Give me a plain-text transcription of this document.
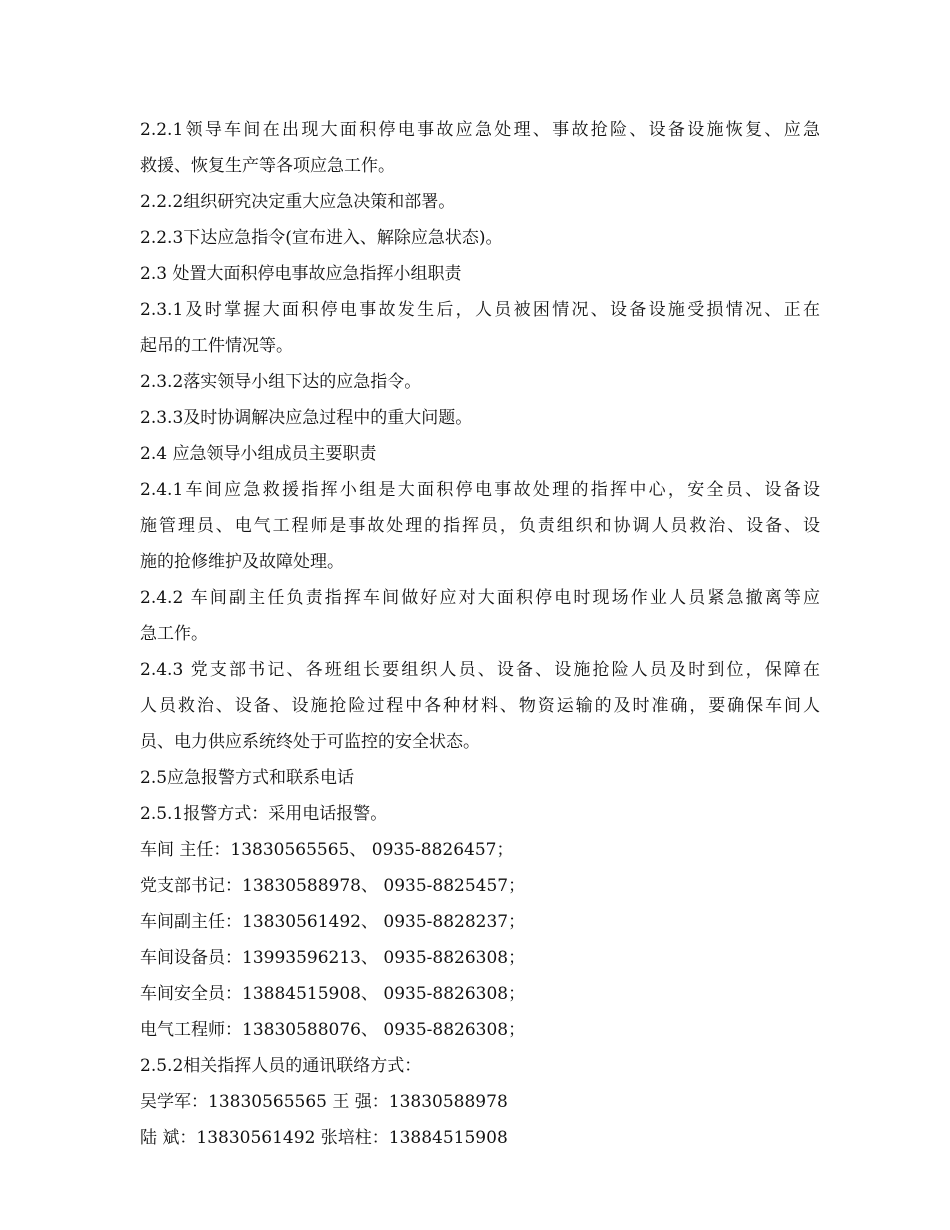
2.2.1领导车间在出现大面积停电事故应急处理、事故抢险、设备设施恢复、应急
救援、恢复生产等各项应急工作。
2.2.2组织研究决定重大应急决策和部署。
2.2.3下达应急指令(宣布进入、解除应急状态)。
2.3 处置大面积停电事故应急指挥小组职责
2.3.1及时掌握大面积停电事故发生后，人员被困情况、设备设施受损情况、正在
起吊的工件情况等。
2.3.2落实领导小组下达的应急指令。
2.3.3及时协调解决应急过程中的重大问题。
2.4 应急领导小组成员主要职责
2.4.1车间应急救援指挥小组是大面积停电事故处理的指挥中心，安全员、设备设
施管理员、电气工程师是事故处理的指挥员，负责组织和协调人员救治、设备、设
施的抢修维护及故障处理。
2.4.2 车间副主任负责指挥车间做好应对大面积停电时现场作业人员紧急撤离等应
急工作。
2.4.3 党支部书记、各班组长要组织人员、设备、设施抢险人员及时到位，保障在
人员救治、设备、设施抢险过程中各种材料、物资运输的及时准确，要确保车间人
员、电力供应系统终处于可监控的安全状态。
2.5应急报警方式和联系电话
2.5.1报警方式：采用电话报警。
车间 主任：13830565565、 0935-8826457；
党支部书记：13830588978、 0935-8825457；
车间副主任：13830561492、 0935-8828237；
车间设备员：13993596213、 0935-8826308；
车间安全员：13884515908、 0935-8826308；
电气工程师：13830588076、 0935-8826308；
2.5.2相关指挥人员的通讯联络方式：
吴学军：13830565565 王 强：13830588978
陆 斌：13830561492 张培柱：13884515908
